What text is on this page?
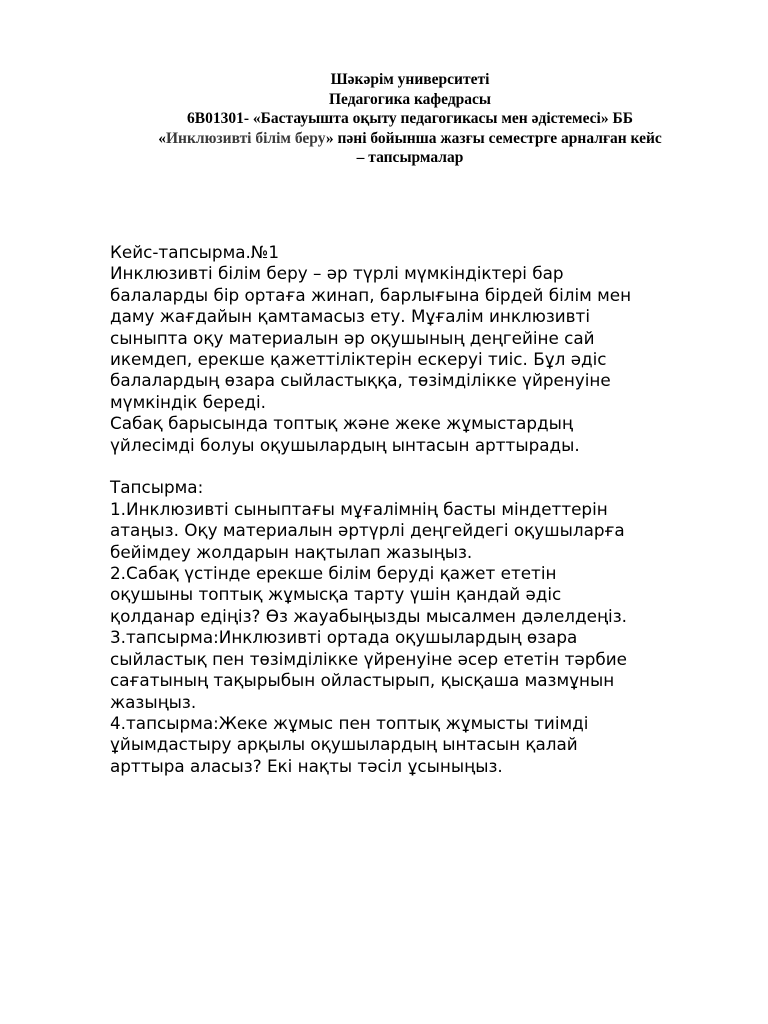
Шәкәрім университеті
Педагогика кафедрасы
6В01301- «Бастауышта оқыту педагогикасы мен әдістемесі» ББ
«Инклюзивті білім беру» пәні бойынша жазғы семестрге арналған кейс
– тапсырмалар

Кейс-тапсырма.№1

Инклюзивті білім беру – әр түрлі мүмкіндіктері бар
балаларды бір ортаға жинап, барлығына бірдей білім мен
даму жағдайын қамтамасыз ету. Мұғалім инклюзивті
сыныпта оқу материалын әр оқушының деңгейіне сай
икемдеп, ерекше қажеттіліктерін ескеруі тиіс. Бұл әдіс
балалардың өзара сыйластыққа, төзімділікке үйренуіне
мүмкіндік береді.

Сабақ барысында топтық және жеке жұмыстардың
үйлесімді болуы оқушылардың ынтасын арттырады.

Тапсырма:

1.Инклюзивті сыныптағы мұғалімнің басты міндеттерін
атаңыз. Оқу материалын әртүрлі деңгейдегі оқушыларға
бейімдеу жолдарын нақтылап жазыңыз.
2.Сабақ үстінде ерекше білім беруді қажет ететін
оқушыны топтық жұмысқа тарту үшін қандай әдіс
қолданар едіңіз? Өз жауабыңызды мысалмен дәлелдеңіз.
3.тапсырма:Инклюзивті ортада оқушылардың өзара
сыйластық пен төзімділікке үйренуіне әсер ететін тәрбие
сағатының тақырыбын ойластырып, қысқаша мазмұнын
жазыңыз.
4.тапсырма:Жеке жұмыс пен топтық жұмысты тиімді
ұйымдастыру арқылы оқушылардың ынтасын қалай
арттыра аласыз? Екі нақты тәсіл ұсыныңыз.
